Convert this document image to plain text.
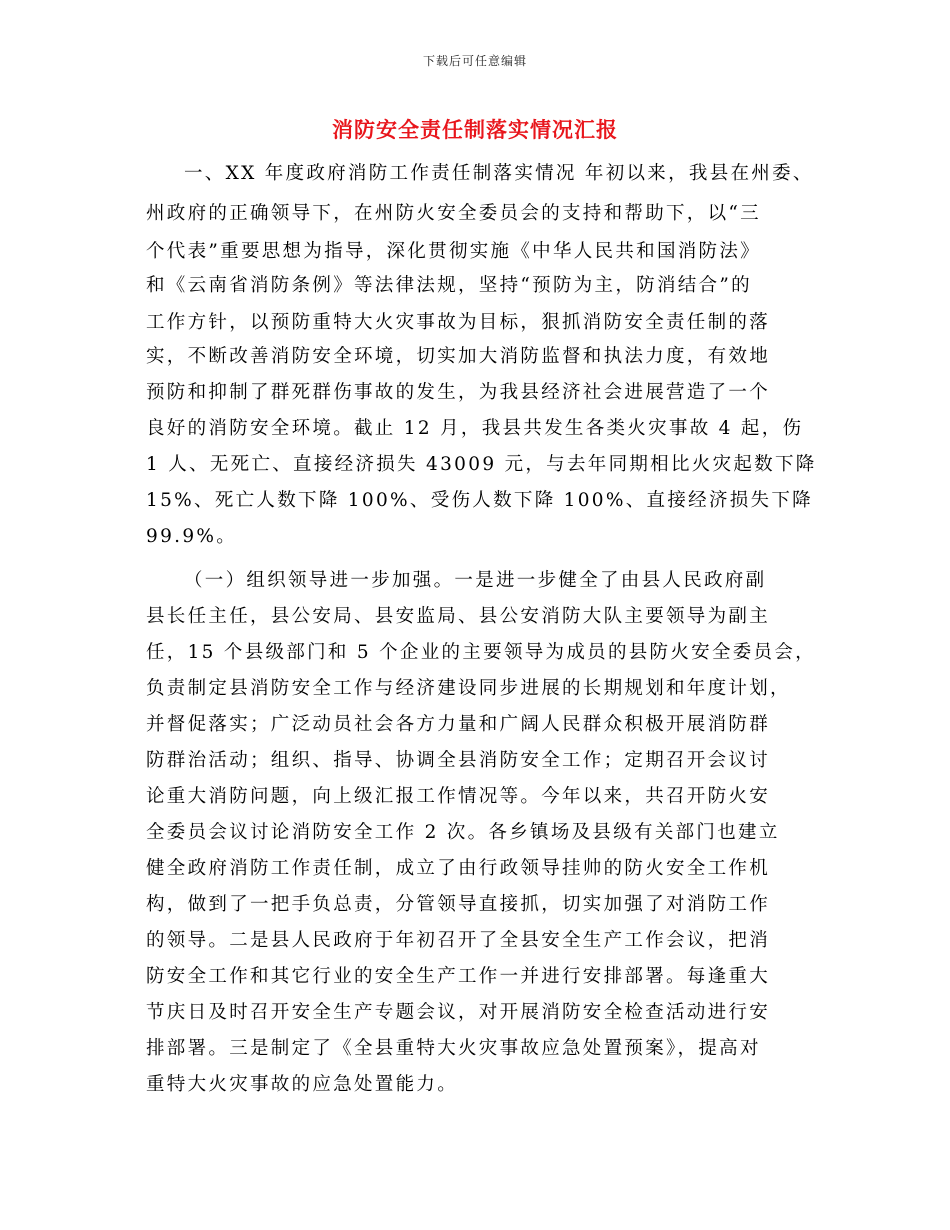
下载后可任意编辑
消防安全责任制落实情况汇报
一、XX 年度政府消防工作责任制落实情况 年初以来，我县在州委、
州政府的正确领导下，在州防火安全委员会的支持和帮助下，以“三
个代表”重要思想为指导，深化贯彻实施《中华人民共和国消防法》
和《云南省消防条例》等法律法规，坚持“预防为主，防消结合”的
工作方针，以预防重特大火灾事故为目标，狠抓消防安全责任制的落
实，不断改善消防安全环境，切实加大消防监督和执法力度，有效地
预防和抑制了群死群伤事故的发生，为我县经济社会进展营造了一个
良好的消防安全环境。截止 12 月，我县共发生各类火灾事故 4 起，伤
1 人、无死亡、直接经济损失 43009 元，与去年同期相比火灾起数下降
15%、死亡人数下降 100%、受伤人数下降 100%、直接经济损失下降
99.9%。
（一）组织领导进一步加强。一是进一步健全了由县人民政府副
县长任主任，县公安局、县安监局、县公安消防大队主要领导为副主
任，15 个县级部门和 5 个企业的主要领导为成员的县防火安全委员会，
负责制定县消防安全工作与经济建设同步进展的长期规划和年度计划，
并督促落实；广泛动员社会各方力量和广阔人民群众积极开展消防群
防群治活动；组织、指导、协调全县消防安全工作；定期召开会议讨
论重大消防问题，向上级汇报工作情况等。今年以来，共召开防火安
全委员会议讨论消防安全工作 2 次。各乡镇场及县级有关部门也建立
健全政府消防工作责任制，成立了由行政领导挂帅的防火安全工作机
构，做到了一把手负总责，分管领导直接抓，切实加强了对消防工作
的领导。二是县人民政府于年初召开了全县安全生产工作会议，把消
防安全工作和其它行业的安全生产工作一并进行安排部署。每逢重大
节庆日及时召开安全生产专题会议，对开展消防安全检查活动进行安
排部署。三是制定了《全县重特大火灾事故应急处置预案》，提高对
重特大火灾事故的应急处置能力。
